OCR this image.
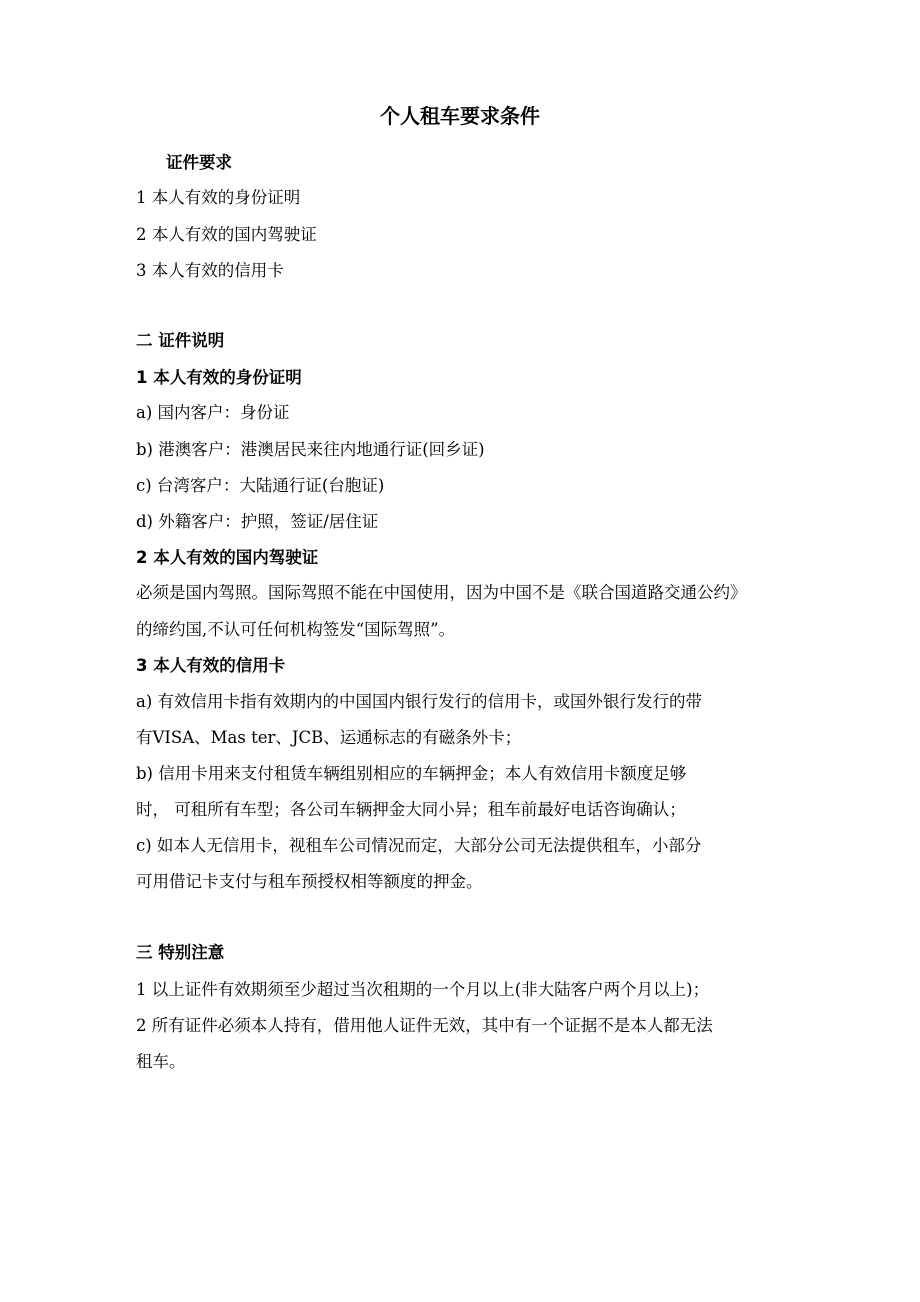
个人租车要求条件
证件要求
1 本人有效的身份证明
2 本人有效的国内驾驶证
3 本人有效的信用卡
二 证件说明
1 本人有效的身份证明
a) 国内客户：身份证
b) 港澳客户：港澳居民来往内地通行证(回乡证)
c) 台湾客户：大陆通行证(台胞证)
d) 外籍客户：护照，签证/居住证
2 本人有效的国内驾驶证
必须是国内驾照。国际驾照不能在中国使用，因为中国不是《联合国道路交通公约》
的缔约国,不认可任何机构签发“国际驾照”。
3 本人有效的信用卡
a) 有效信用卡指有效期内的中国国内银行发行的信用卡，或国外银行发行的带
有VISA、Mas ter、JCB、运通标志的有磁条外卡；
b) 信用卡用来支付租赁车辆组别相应的车辆押金；本人有效信用卡额度足够
时， 可租所有车型；各公司车辆押金大同小异；租车前最好电话咨询确认；
c) 如本人无信用卡，视租车公司情况而定，大部分公司无法提供租车，小部分
可用借记卡支付与租车预授权相等额度的押金。
三 特别注意
1 以上证件有效期须至少超过当次租期的一个月以上(非大陆客户两个月以上)；
2 所有证件必须本人持有，借用他人证件无效，其中有一个证据不是本人都无法
租车。
